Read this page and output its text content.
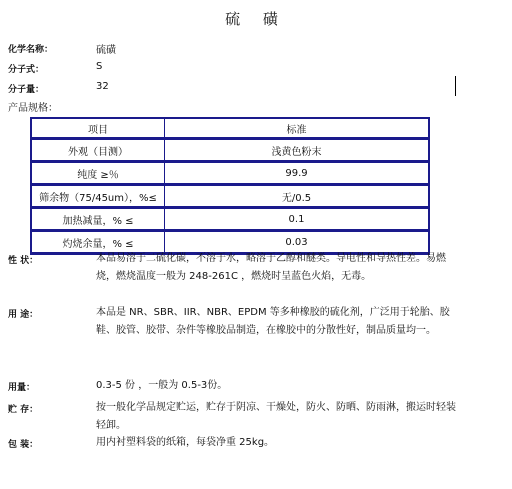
硫 磺
化学名称：	硫磺
分子式：	S
分子量：	32
产品规格：
项目	标准
外观（目测）	浅黄色粉末
纯度 ≥％	99.9
筛余物（75/45um），%≤	无/0.5
加热减量，% ≤	0.1
灼烧余量，% ≤	0.03
性 状：	本品易溶于二硫化碳，不溶于水，略溶于乙醇和醚类。导电性和导热性差。易燃烧，燃烧温度一般为 248-261C ，燃烧时呈蓝色火焰，无毒。
用 途：	本品是 NR、SBR、IIR、NBR、EPDM 等多种橡胶的硫化剂，广泛用于轮胎、胶鞋、胶管、胶带、杂件等橡胶品制造，在橡胶中的分散性好，制品质量均一。
用量：	0.3-5 份 ，一般为 0.5-3份。
贮 存：	按一般化学品规定贮运，贮存于阴凉、干燥处，防火、防晒、防雨淋，搬运时轻装轻卸。
包 装：	用内衬塑料袋的纸箱，每袋净重 25kg。
